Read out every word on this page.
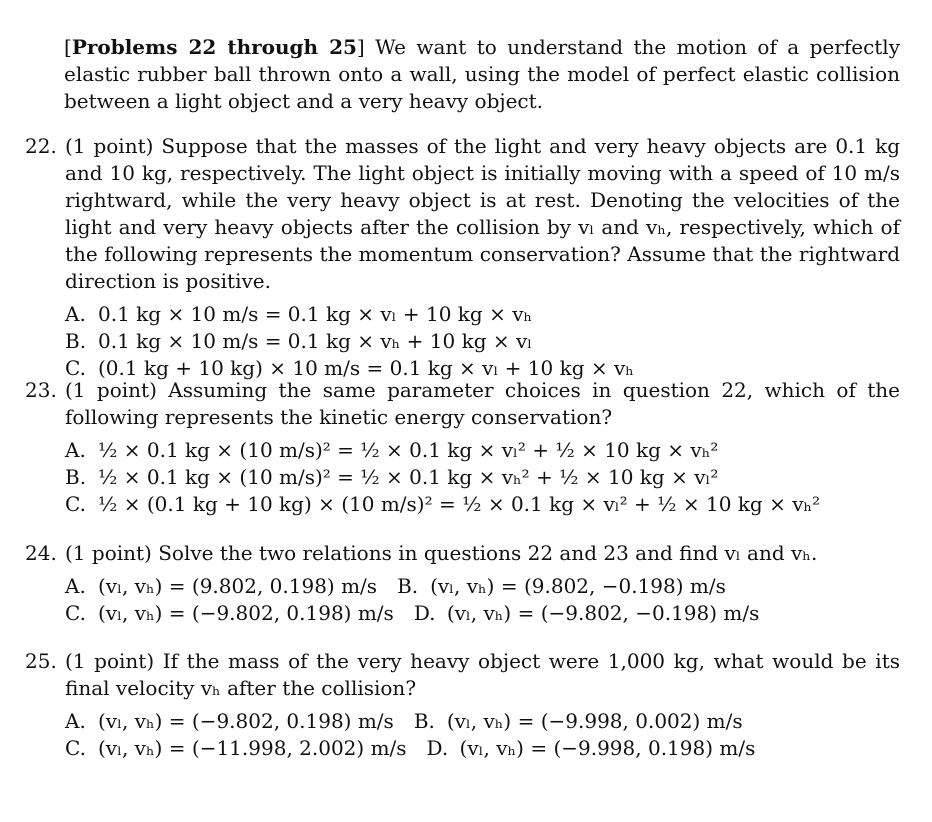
[Problems 22 through 25] We want to understand the motion of a perfectly elastic rubber ball thrown onto a wall, using the model of perfect elastic collision between a light object and a very heavy object.
22. (1 point) Suppose that the masses of the light and very heavy objects are 0.1 kg and 10 kg, respectively. The light object is initially moving with a speed of 10 m/s rightward, while the very heavy object is at rest. Denoting the velocities of the light and very heavy objects after the collision by vₗ and vₕ, respectively, which of the following represents the momentum conservation? Assume that the rightward direction is positive.
A. 0.1 kg × 10 m/s = 0.1 kg × vₗ + 10 kg × vₕ
B. 0.1 kg × 10 m/s = 0.1 kg × vₕ + 10 kg × vₗ
C. (0.1 kg + 10 kg) × 10 m/s = 0.1 kg × vₗ + 10 kg × vₕ
23. (1 point) Assuming the same parameter choices in question 22, which of the following represents the kinetic energy conservation?
A. ½ × 0.1 kg × (10 m/s)² = ½ × 0.1 kg × vₗ² + ½ × 10 kg × vₕ²
B. ½ × 0.1 kg × (10 m/s)² = ½ × 0.1 kg × vₕ² + ½ × 10 kg × vₗ²
C. ½ × (0.1 kg + 10 kg) × (10 m/s)² = ½ × 0.1 kg × vₗ² + ½ × 10 kg × vₕ²
24. (1 point) Solve the two relations in questions 22 and 23 and find vₗ and vₕ.
A. (vₗ, vₕ) = (9.802, 0.198) m/s B. (vₗ, vₕ) = (9.802, −0.198) m/s
C. (vₗ, vₕ) = (−9.802, 0.198) m/s D. (vₗ, vₕ) = (−9.802, −0.198) m/s
25. (1 point) If the mass of the very heavy object were 1,000 kg, what would be its final velocity vₕ after the collision?
A. (vₗ, vₕ) = (−9.802, 0.198) m/s B. (vₗ, vₕ) = (−9.998, 0.002) m/s
C. (vₗ, vₕ) = (−11.998, 2.002) m/s D. (vₗ, vₕ) = (−9.998, 0.198) m/s
